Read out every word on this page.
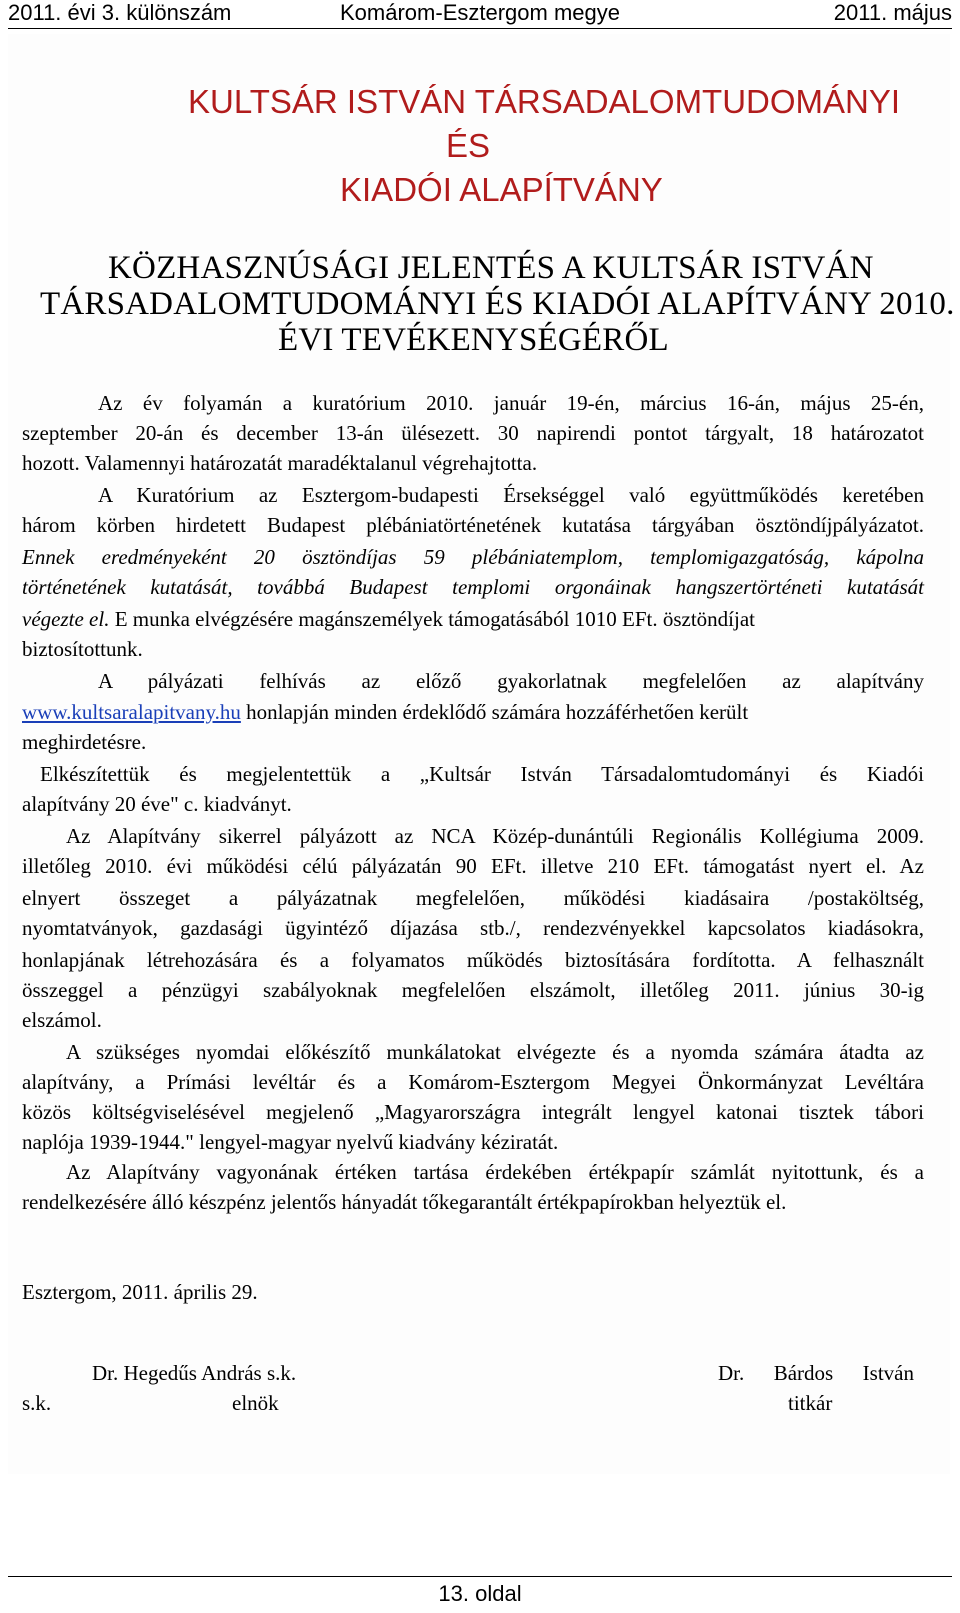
2011. évi 3. különszám	Komárom-Esztergom megye	2011. május
KULTSÁR ISTVÁN TÁRSADALOMTUDOMÁNYI
ÉS
KIADÓI ALAPÍTVÁNY
KÖZHASZNÚSÁGI JELENTÉS A KULTSÁR ISTVÁN
TÁRSADALOMTUDOMÁNYI ÉS KIADÓI ALAPÍTVÁNY 2010.
ÉVI TEVÉKENYSÉGÉRŐL
Az év folyamán a kuratórium 2010. január 19-én, március 16-án, május 25-én,
szeptember 20-án és december 13-án ülésezett. 30 napirendi pontot tárgyalt, 18 határozatot
hozott. Valamennyi határozatát maradéktalanul végrehajtotta.
A Kuratórium az Esztergom-budapesti Érsekséggel való együttműködés keretében
három körben hirdetett Budapest plébániatörténetének kutatása tárgyában ösztöndíjpályázatot.
Ennek eredményeként 20 ösztöndíjas 59 plébániatemplom, templomigazgatóság, kápolna
történetének kutatását, továbbá Budapest templomi orgonáinak hangszertörténeti kutatását
végezte el. E munka elvégzésére magánszemélyek támogatásából 1010 EFt. ösztöndíjat
biztosítottunk.
A pályázati felhívás az előző gyakorlatnak megfelelően az alapítvány
www.kultsaralapitvany.hu honlapján minden érdeklődő számára hozzáférhetően került
meghirdetésre.
Elkészítettük és megjelentettük a „Kultsár István Társadalomtudományi és Kiadói
alapítvány 20 éve" c. kiadványt.
Az Alapítvány sikerrel pályázott az NCA Közép-dunántúli Regionális Kollégiuma 2009.
illetőleg 2010. évi működési célú pályázatán 90 EFt. illetve 210 EFt. támogatást nyert el. Az
elnyert összeget a pályázatnak megfelelően, működési kiadásaira /postaköltség,
nyomtatványok, gazdasági ügyintéző díjazása stb./, rendezvényekkel kapcsolatos kiadásokra,
honlapjának létrehozására és a folyamatos működés biztosítására fordította. A felhasznált
összeggel a pénzügyi szabályoknak megfelelően elszámolt, illetőleg 2011. június 30-ig
elszámol.
A szükséges nyomdai előkészítő munkálatokat elvégezte és a nyomda számára átadta az
alapítvány, a Prímási levéltár és a Komárom-Esztergom Megyei Önkormányzat Levéltára
közös költségviselésével megjelenő „Magyarországra integrált lengyel katonai tisztek tábori
naplója 1939-1944." lengyel-magyar nyelvű kiadvány kéziratát.
Az Alapítvány vagyonának értéken tartása érdekében értékpapír számlát nyitottunk, és a
rendelkezésére álló készpénz jelentős hányadát tőkegarantált értékpapírokban helyeztük el.
Esztergom, 2011. április 29.
Dr. Hegedűs András s.k.
s.k.	elnök
Dr. Bárdos István
titkár
13. oldal
